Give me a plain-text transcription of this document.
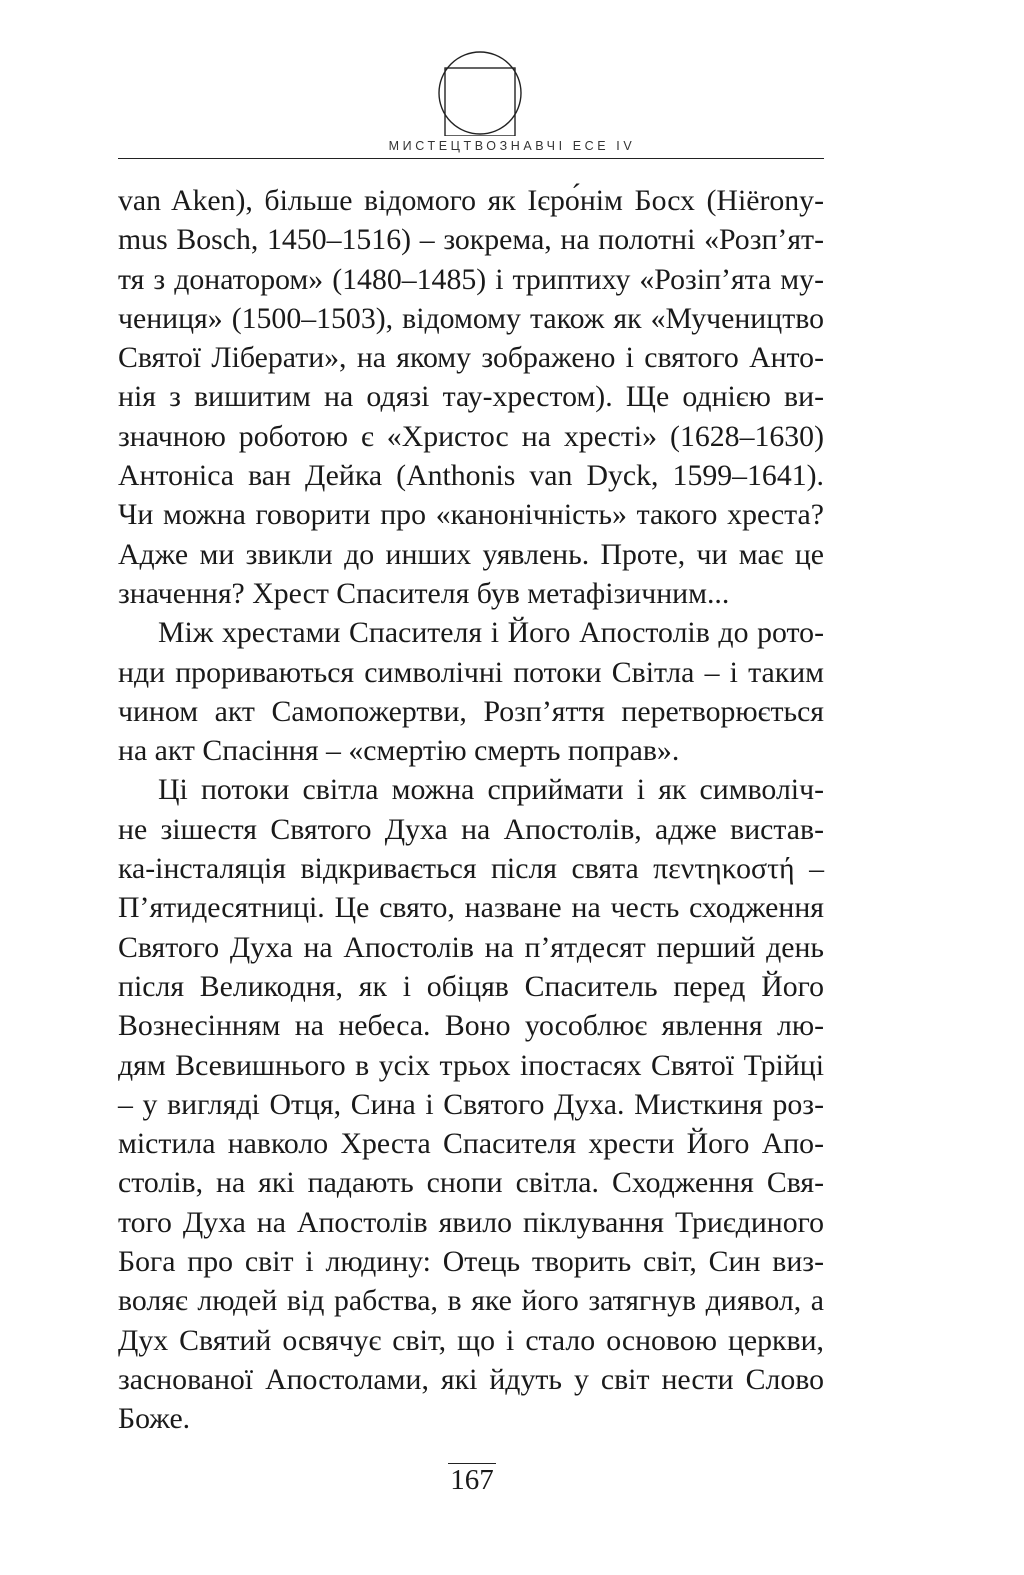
МИСТЕЦТВОЗНАВЧІ ЕСЕ IV
van Aken), більше відомого як Ієро́нім Босх (Hiërony-
mus Bosch, 1450–1516) – зокрема, на полотні «Розп’ят-
тя з донатором» (1480–1485) і триптиху «Розіп’ята му-
чениця» (1500–1503), відомому також як «Мучеництво
Святої Ліберати», на якому зображено і святого Анто-
нія з вишитим на одязі тау-хрестом). Ще однією ви-
значною роботою є «Христос на хресті» (1628–1630)
Антоніса ван Дейка (Anthonis van Dyck, 1599–1641).
Чи можна говорити про «канонічність» такого хреста?
Адже ми звикли до инших уявлень. Проте, чи має це
значення? Хрест Спасителя був метафізичним...
Між хрестами Спасителя і Його Апостолів до рото-
нди прориваються символічні потоки Світла – і таким
чином акт Самопожертви, Розп’яття перетворюється
на акт Спасіння – «смертію смерть поправ».
Ці потоки світла можна сприймати і як символіч-
не зішестя Святого Духа на Апостолів, адже вистав-
ка-інсталяція відкривається після свята πεντηκοστή –
П’ятидесятниці. Це свято, назване на честь сходження
Святого Духа на Апостолів на п’ятдесят перший день
після Великодня, як і обіцяв Спаситель перед Його
Вознесінням на небеса. Воно уособлює явлення лю-
дям Всевишнього в усіх трьох іпостасях Святої Трійці
– у вигляді Отця, Сина і Святого Духа. Мисткиня роз-
містила навколо Хреста Спасителя хрести Його Апо-
столів, на які падають снопи світла. Сходження Свя-
того Духа на Апостолів явило піклування Триєдиного
Бога про світ і людину: Отець творить світ, Син виз-
воляє людей від рабства, в яке його затягнув диявол, а
Дух Святий освячує світ, що і стало основою церкви,
заснованої Апостолами, які йдуть у світ нести Слово
Боже.
167
